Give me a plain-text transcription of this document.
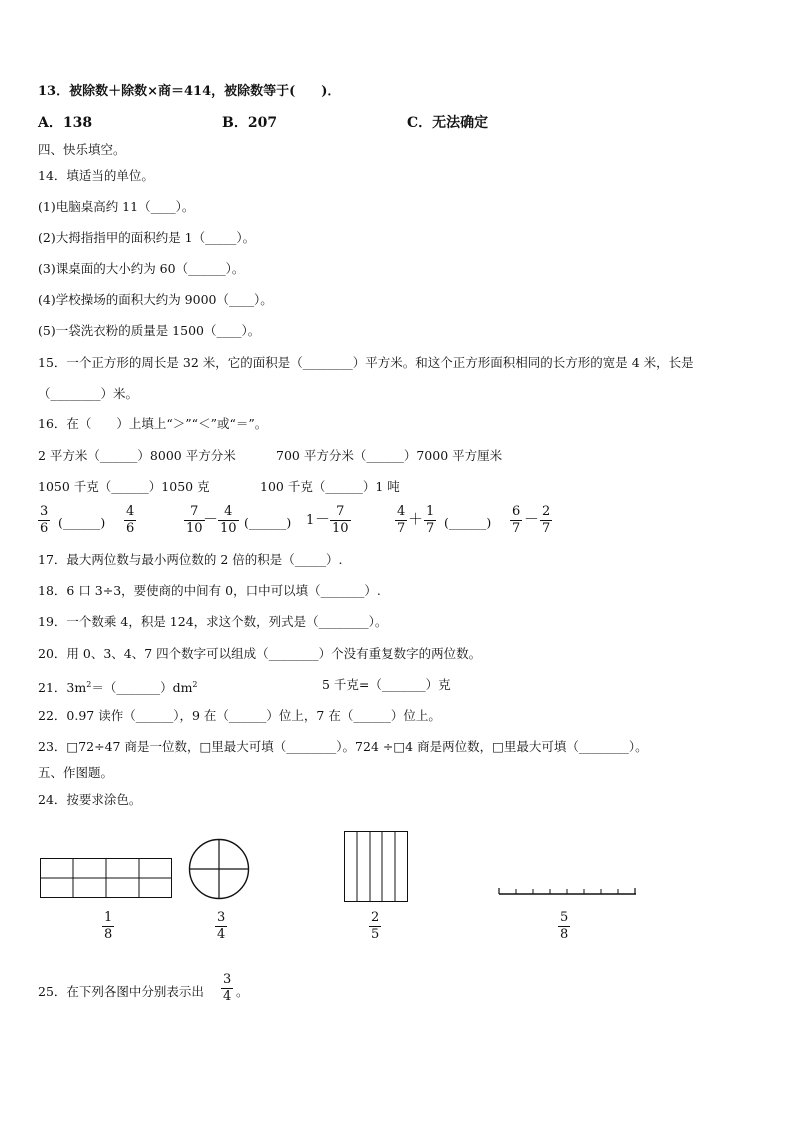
13．被除数＋除数×商＝414，被除数等于(　　)．
A．138	B．207	C．无法确定
四、快乐填空。
14．填适当的单位。
(1)电脑桌高约 11（____）。
(2)大拇指指甲的面积约是 1（_____）。
(3)课桌面的大小约为 60（______）。
(4)学校操场的面积大约为 9000（____）。
(5)一袋洗衣粉的质量是 1500（____）。
15．一个正方形的周长是 32 米，它的面积是（________）平方米。和这个正方形面积相同的长方形的宽是 4 米，长是
（________）米。
16．在（　　）上填上“＞”“＜”或“＝”。
2 平方米（______）8000 平方分米	700 平方分米（______）7000 平方厘米
1050 千克（______）1050 克	100 千克（______）1 吨
3
6 (______)
4
6
7
10
－ 4
10 (______) 1 － 7
10
4
7
＋ 1
7 (______)
6
7
－ 2
7
17．最大两位数与最小两位数的 2 倍的积是（_____）.
18．6 口 3÷3，要使商的中间有 0，口中可以填（_______）.
19．一个数乘 4，积是 124，求这个数，列式是（________）。
20．用 0、3、4、7 四个数字可以组成（________）个没有重复数字的两位数。
21．$3m^2=(\_\_\_\_\_\_\_)dm^2$	5 千克=（_______）克
22．0.97 读作（______），9 在（______）位上，7 在（______）位上。
23．□72÷47 商是一位数，□里最大可填（________）。724 ÷□4 商是两位数，□里最大可填（________）。
五、作图题。
24．按要求涂色。
1
8
3
4
2
5
5
8
25．在下列各图中分别表示出
3
4 。
